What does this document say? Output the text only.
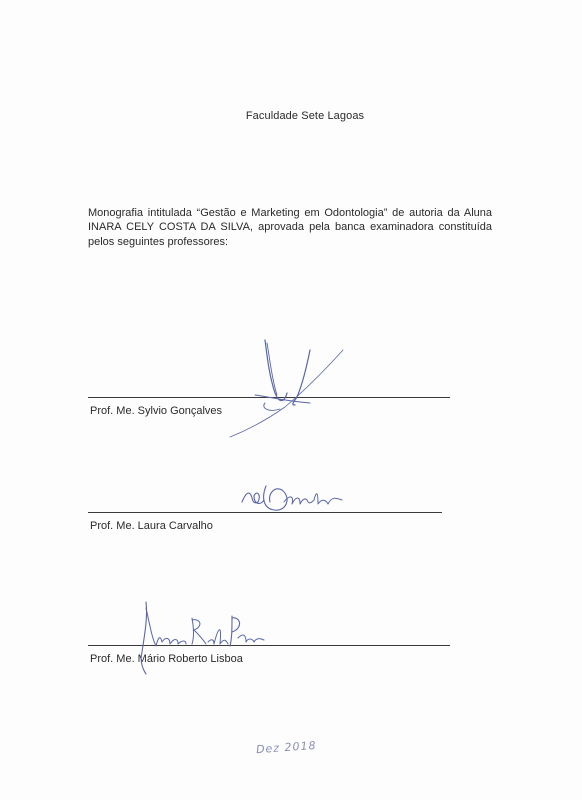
Faculdade Sete Lagoas
Monografia intitulada “Gestão e Marketing em Odontologia” de autoria da Aluna INARA CELY COSTA DA SILVA, aprovada pela banca examinadora constituída pelos seguintes professores:
Prof. Me. Sylvio Gonçalves
Prof. Me. Laura Carvalho
Prof. Me. Mário Roberto Lisboa
Dez 2018
